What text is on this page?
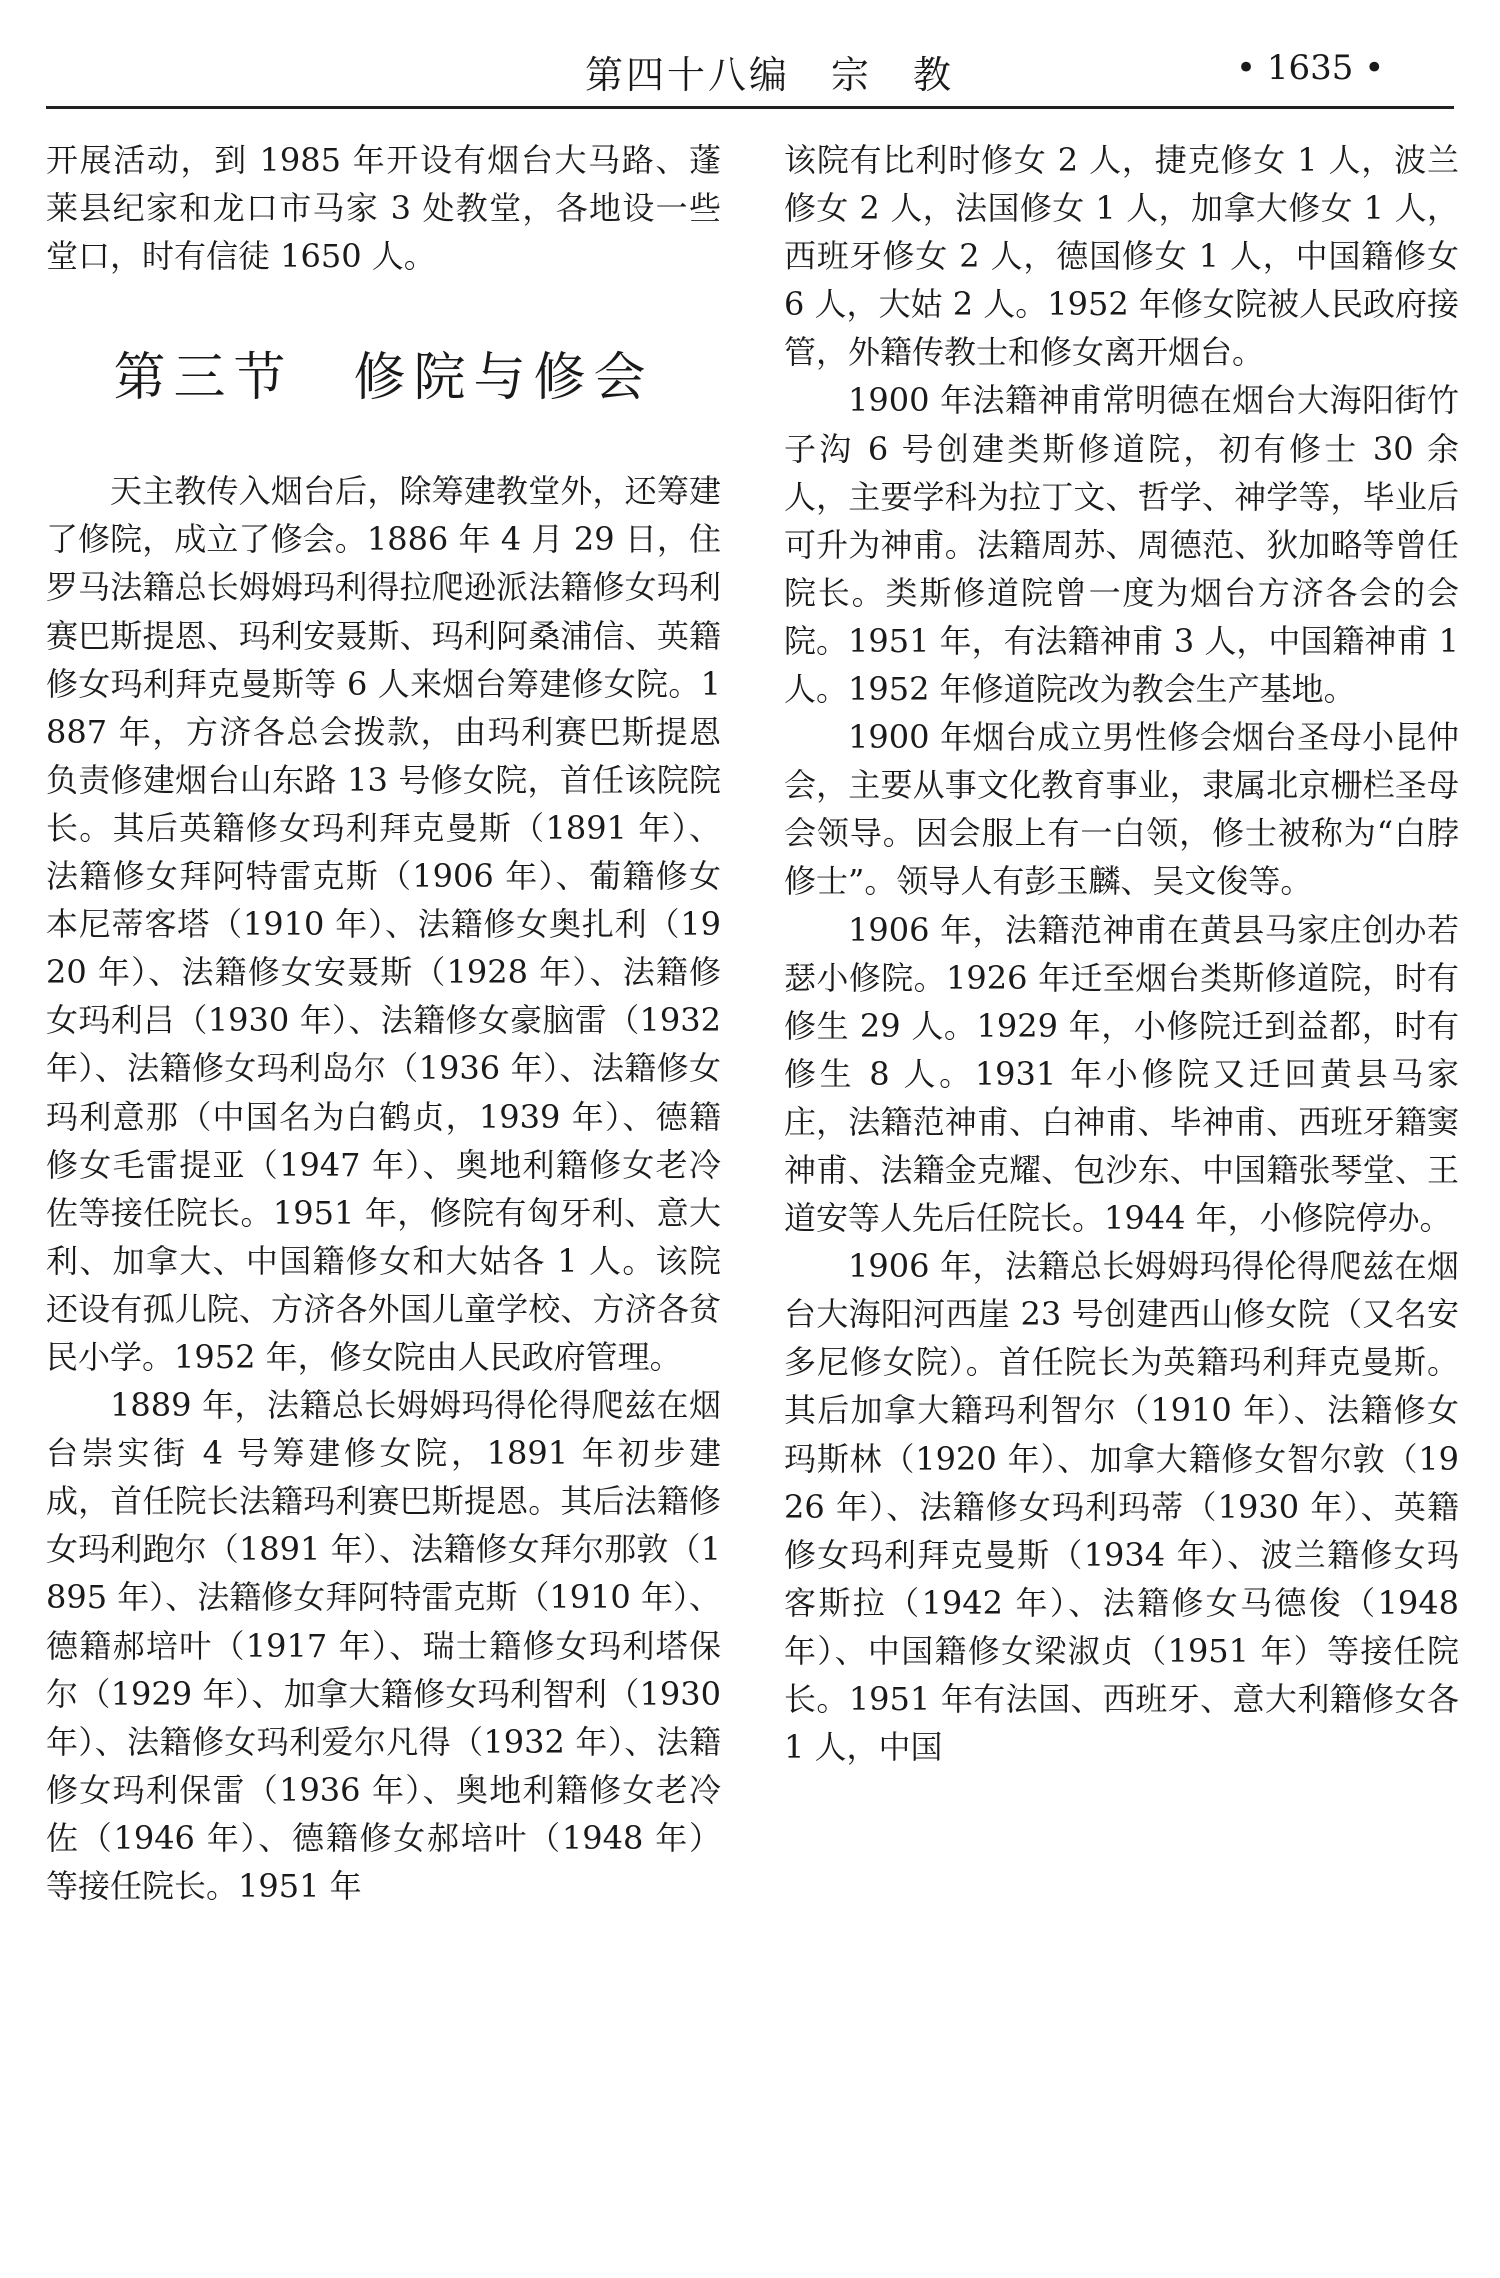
第四十八编　宗　教	• 1635 •

开展活动，到 1985 年开设有烟台大马路、蓬莱县纪家和龙口市马家 3 处教堂，各地设一些堂口，时有信徒 1650 人。

第三节　修院与修会

天主教传入烟台后，除筹建教堂外，还筹建了修院，成立了修会。1886 年 4 月 29 日，住罗马法籍总长姆姆玛利得拉爬逊派法籍修女玛利赛巴斯提恩、玛利安聂斯、玛利阿桑浦信、英籍修女玛利拜克曼斯等 6 人来烟台筹建修女院。1887 年，方济各总会拨款，由玛利赛巴斯提恩负责修建烟台山东路 13 号修女院，首任该院院长。其后英籍修女玛利拜克曼斯（1891 年）、法籍修女拜阿特雷克斯（1906 年）、葡籍修女本尼蒂客塔（1910 年）、法籍修女奥扎利（1920 年）、法籍修女安聂斯（1928 年）、法籍修女玛利吕（1930 年）、法籍修女豪脑雷（1932 年）、法籍修女玛利岛尔（1936 年）、法籍修女玛利意那（中国名为白鹤贞，1939 年）、德籍修女毛雷提亚（1947 年）、奥地利籍修女老冷佐等接任院长。1951 年，修院有匈牙利、意大利、加拿大、中国籍修女和大姑各 1 人。该院还设有孤儿院、方济各外国儿童学校、方济各贫民小学。1952 年，修女院由人民政府管理。

1889 年，法籍总长姆姆玛得伦得爬兹在烟台崇实街 4 号筹建修女院，1891 年初步建成，首任院长法籍玛利赛巴斯提恩。其后法籍修女玛利跑尔（1891 年）、法籍修女拜尔那敦（1895 年）、法籍修女拜阿特雷克斯（1910 年）、德籍郝培叶（1917 年）、瑞士籍修女玛利塔保尔（1929 年）、加拿大籍修女玛利智利（1930 年）、法籍修女玛利爱尔凡得（1932 年）、法籍修女玛利保雷（1936 年）、奥地利籍修女老冷佐（1946 年）、德籍修女郝培叶（1948 年）等接任院长。1951 年

该院有比利时修女 2 人，捷克修女 1 人，波兰修女 2 人，法国修女 1 人，加拿大修女 1 人，西班牙修女 2 人，德国修女 1 人，中国籍修女 6 人，大姑 2 人。1952 年修女院被人民政府接管，外籍传教士和修女离开烟台。

1900 年法籍神甫常明德在烟台大海阳街竹子沟 6 号创建类斯修道院，初有修士 30 余人，主要学科为拉丁文、哲学、神学等，毕业后可升为神甫。法籍周苏、周德范、狄加略等曾任院长。类斯修道院曾一度为烟台方济各会的会院。1951 年，有法籍神甫 3 人，中国籍神甫 1 人。1952 年修道院改为教会生产基地。

1900 年烟台成立男性修会烟台圣母小昆仲会，主要从事文化教育事业，隶属北京栅栏圣母会领导。因会服上有一白领，修士被称为“白脖修士”。领导人有彭玉麟、吴文俊等。

1906 年，法籍范神甫在黄县马家庄创办若瑟小修院。1926 年迁至烟台类斯修道院，时有修生 29 人。1929 年，小修院迁到益都，时有修生 8 人。1931 年小修院又迁回黄县马家庄，法籍范神甫、白神甫、毕神甫、西班牙籍窦神甫、法籍金克耀、包沙东、中国籍张琴堂、王道安等人先后任院长。1944 年，小修院停办。

1906 年，法籍总长姆姆玛得伦得爬兹在烟台大海阳河西崖 23 号创建西山修女院（又名安多尼修女院）。首任院长为英籍玛利拜克曼斯。其后加拿大籍玛利智尔（1910 年）、法籍修女玛斯林（1920 年）、加拿大籍修女智尔敦（1926 年）、法籍修女玛利玛蒂（1930 年）、英籍修女玛利拜克曼斯（1934 年）、波兰籍修女玛客斯拉（1942 年）、法籍修女马德俊（1948 年）、中国籍修女梁淑贞（1951 年）等接任院长。1951 年有法国、西班牙、意大利籍修女各 1 人，中国
